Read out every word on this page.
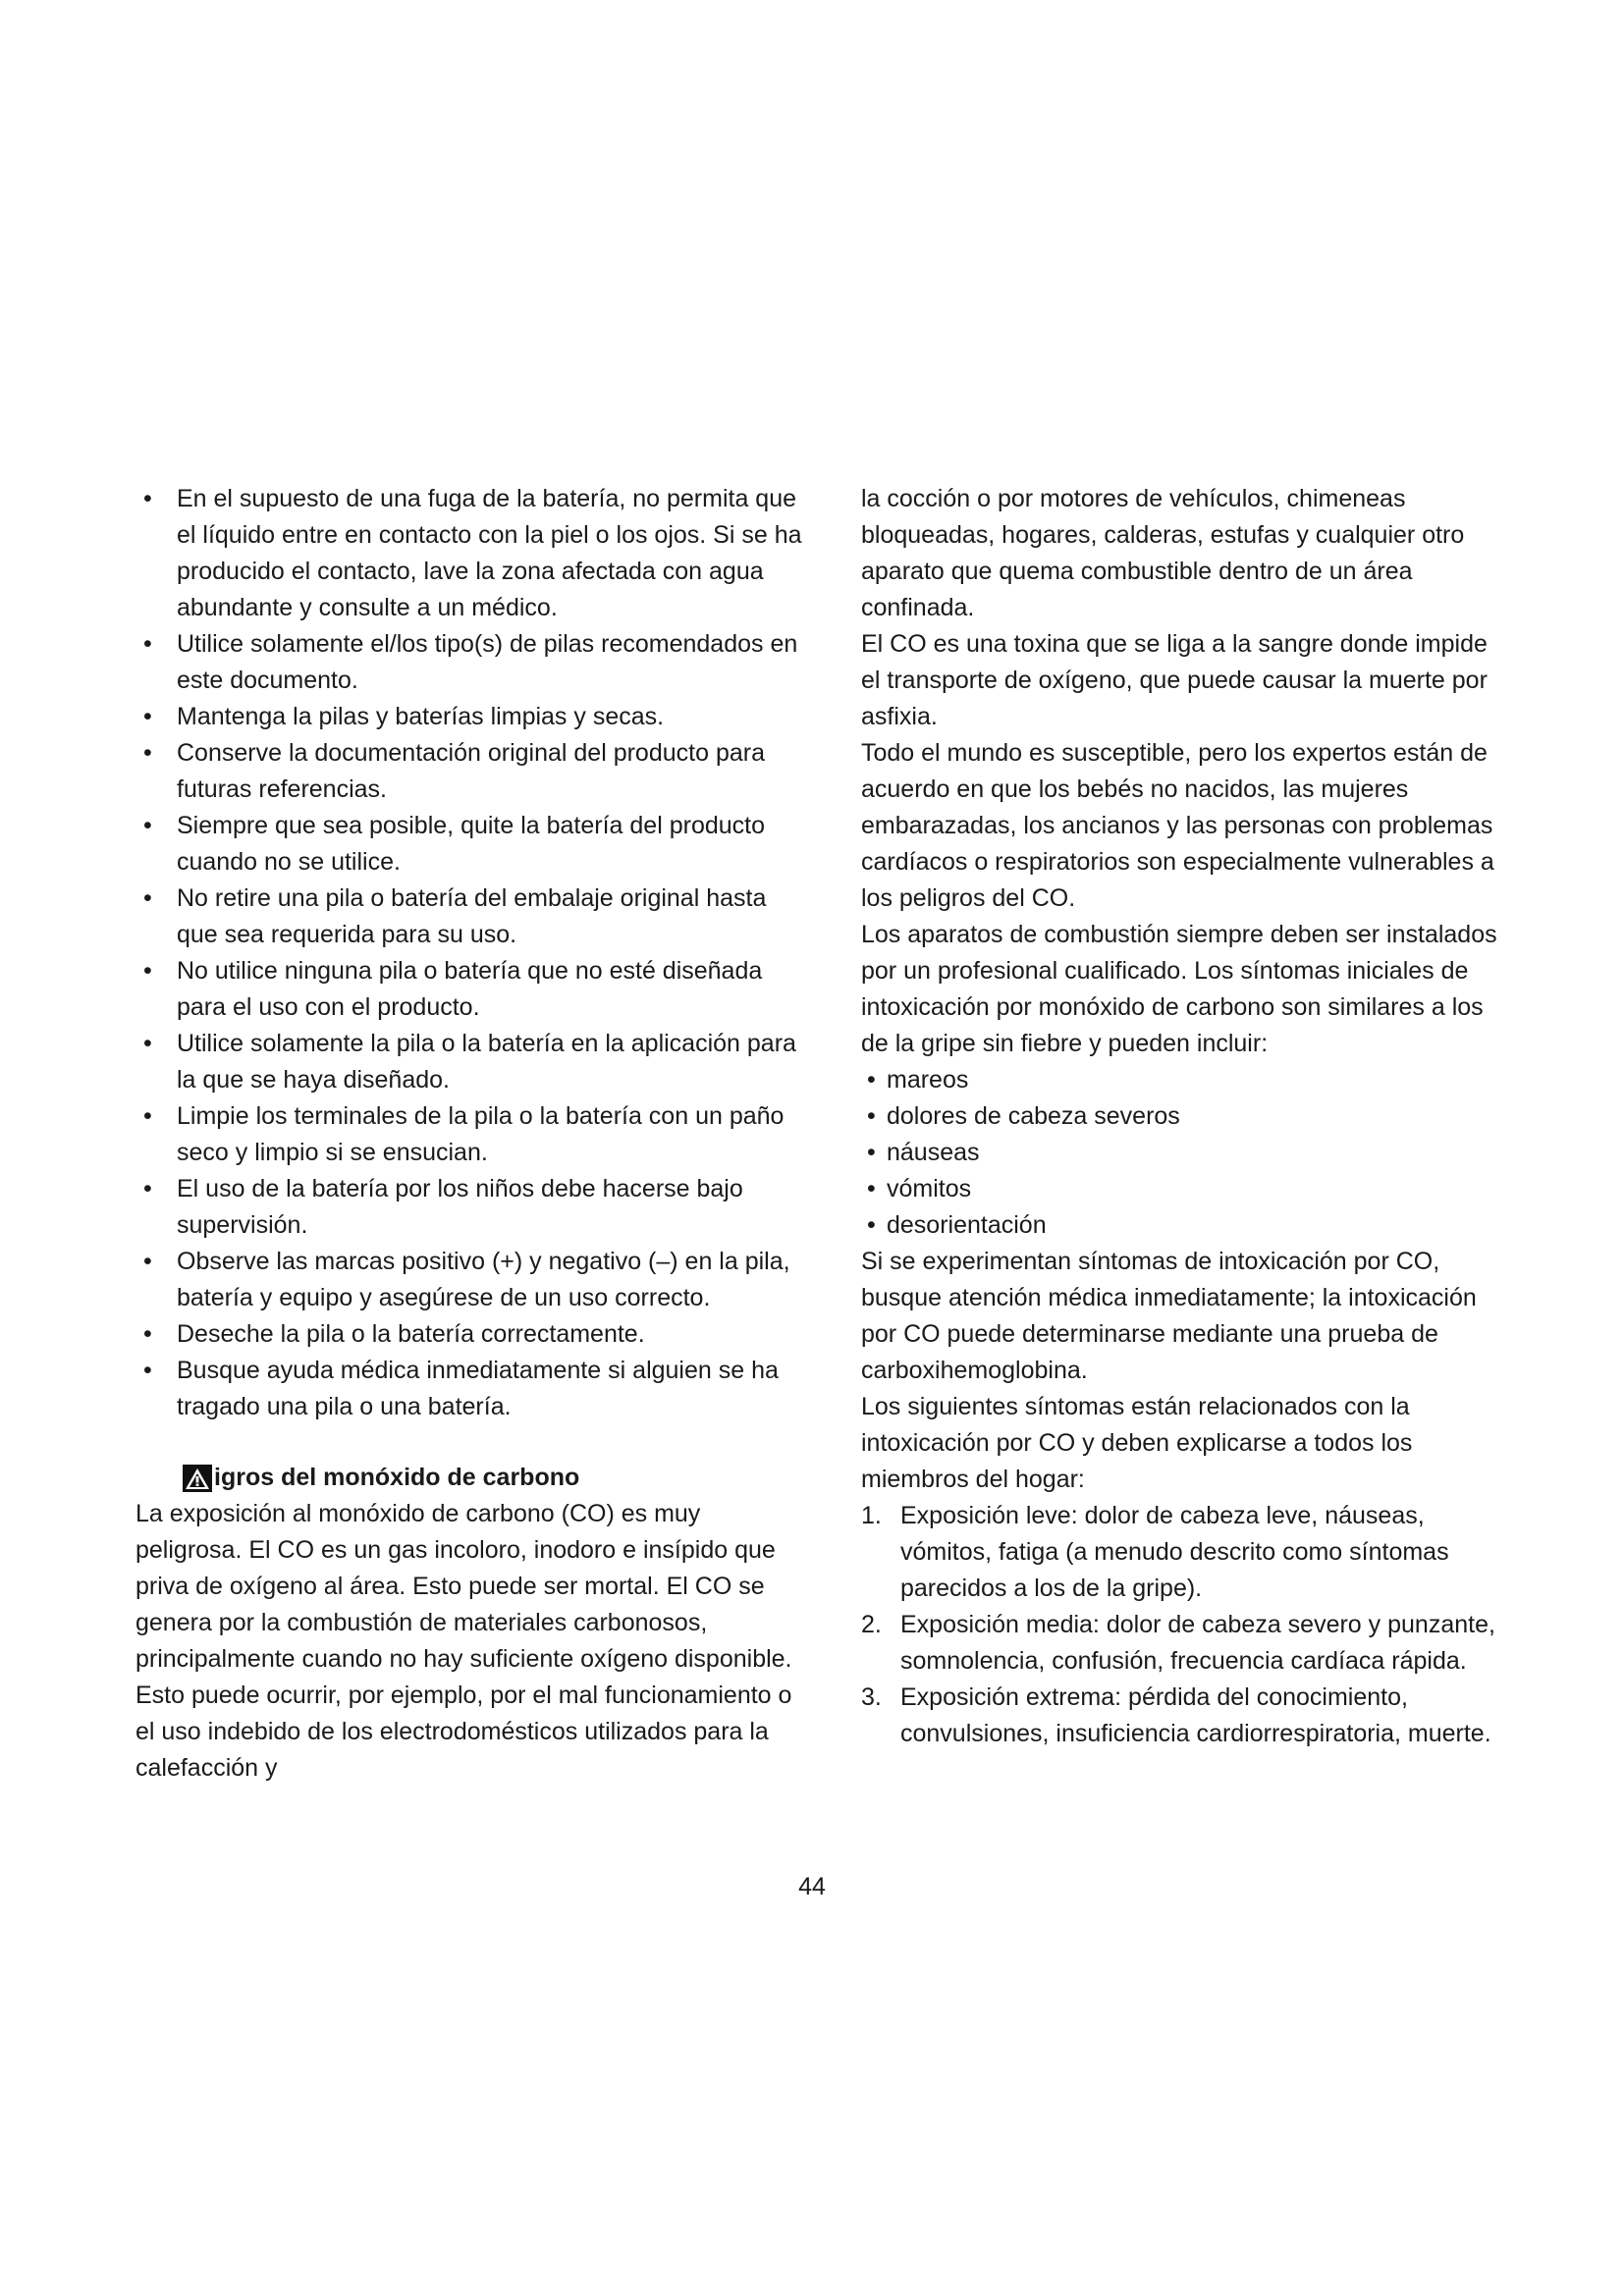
• En el supuesto de una fuga de la batería, no permita que el líquido entre en contacto con la piel o los ojos. Si se ha producido el contacto, lave la zona afectada con agua abundante y consulte a un médico.
• Utilice solamente el/los tipo(s) de pilas recomendados en este documento.
• Mantenga la pilas y baterías limpias y secas.
• Conserve la documentación original del producto para futuras referencias.
• Siempre que sea posible, quite la batería del producto cuando no se utilice.
• No retire una pila o batería del embalaje original hasta que sea requerida para su uso.
• No utilice ninguna pila o batería que no esté diseñada para el uso con el producto.
• Utilice solamente la pila o la batería en la aplicación para la que se haya diseñado.
• Limpie los terminales de la pila o la batería con un paño seco y limpio si se ensucian.
• El uso de la batería por los niños debe hacerse bajo supervisión.
• Observe las marcas positivo (+) y negativo (–) en la pila, batería y equipo y asegúrese de un uso correcto.
• Deseche la pila o la batería correctamente.
• Busque ayuda médica inmediatamente si alguien se ha tragado una pila o una batería.
igros del monóxido de carbono

La exposición al monóxido de carbono (CO) es muy peligrosa. El CO es un gas incoloro, inodoro e insípido que priva de oxígeno al área. Esto puede ser mortal. El CO se genera por la combustión de materiales carbonosos, principalmente cuando no hay suficiente oxígeno disponible. Esto puede ocurrir, por ejemplo, por el mal funcionamiento o el uso indebido de los electrodomésticos utilizados para la calefacción y

la cocción o por motores de vehículos, chimeneas bloqueadas, hogares, calderas, estufas y cualquier otro aparato que quema combustible dentro de un área confinada.

El CO es una toxina que se liga a la sangre donde impide el transporte de oxígeno, que puede causar la muerte por asfixia.

Todo el mundo es susceptible, pero los expertos están de acuerdo en que los bebés no nacidos, las mujeres embarazadas, los ancianos y las personas con problemas cardíacos o respiratorios son especialmente vulnerables a los peligros del CO.

Los aparatos de combustión siempre deben ser instalados por un profesional cualificado. Los síntomas iniciales de intoxicación por monóxido de carbono son similares a los de la gripe sin fiebre y pueden incluir:

• mareos
• dolores de cabeza severos
• náuseas
• vómitos
• desorientación

Si se experimentan síntomas de intoxicación por CO, busque atención médica inmediatamente; la intoxicación por CO puede determinarse mediante una prueba de carboxihemoglobina.

Los siguientes síntomas están relacionados con la intoxicación por CO y deben explicarse a todos los miembros del hogar:

1. Exposición leve: dolor de cabeza leve, náuseas, vómitos, fatiga (a menudo descrito como síntomas parecidos a los de la gripe).
2. Exposición media: dolor de cabeza severo y punzante, somnolencia, confusión, frecuencia cardíaca rápida.
3. Exposición extrema: pérdida del conocimiento, convulsiones, insuficiencia cardiorrespiratoria, muerte.
44
